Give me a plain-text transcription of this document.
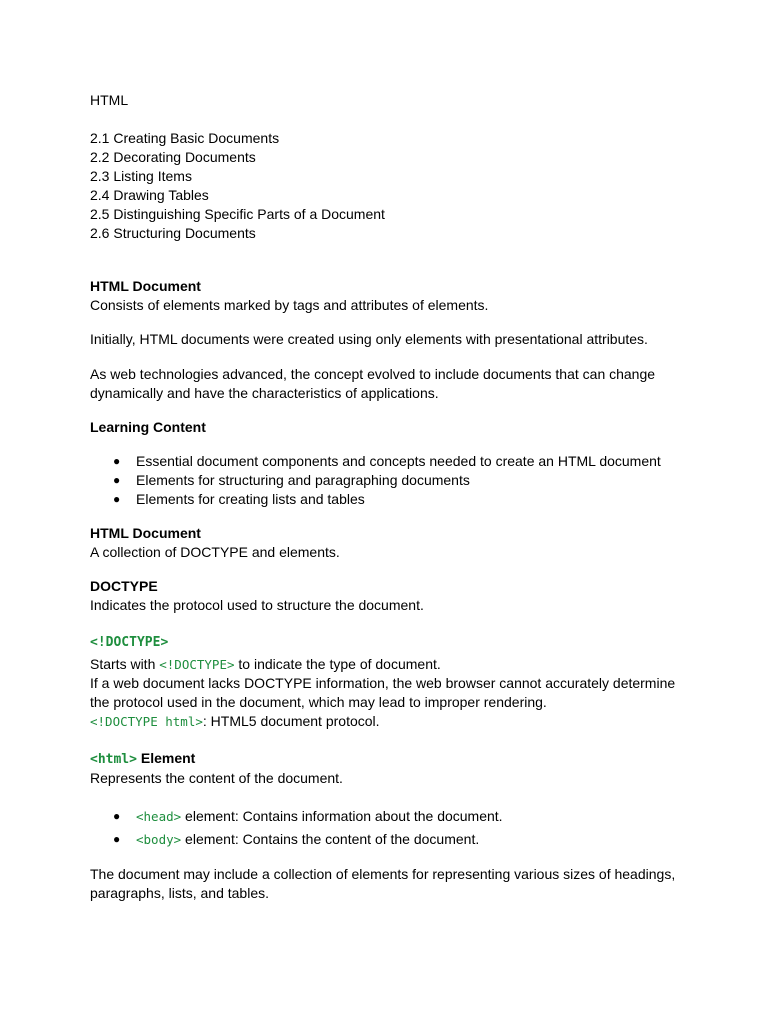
HTML

2.1 Creating Basic Documents

2.2 Decorating Documents

2.3 Listing Items

2.4 Drawing Tables

2.5 Distinguishing Specific Parts of a Document

2.6 Structuring Documents

HTML Document

Consists of elements marked by tags and attributes of elements.

Initially, HTML documents were created using only elements with presentational attributes.

As web technologies advanced, the concept evolved to include documents that can change

dynamically and have the characteristics of applications.

Learning Content

● Essential document components and concepts needed to create an HTML document
● Elements for structuring and paragraphing documents
● Elements for creating lists and tables

HTML Document

A collection of DOCTYPE and elements.

DOCTYPE

Indicates the protocol used to structure the document.

<!DOCTYPE>

Starts with <!DOCTYPE> to indicate the type of document.

If a web document lacks DOCTYPE information, the web browser cannot accurately determine

the protocol used in the document, which may lead to improper rendering.

<!DOCTYPE html>: HTML5 document protocol.

<html> Element

Represents the content of the document.

● <head> element: Contains information about the document.
● <body> element: Contains the content of the document.

The document may include a collection of elements for representing various sizes of headings,

paragraphs, lists, and tables.
